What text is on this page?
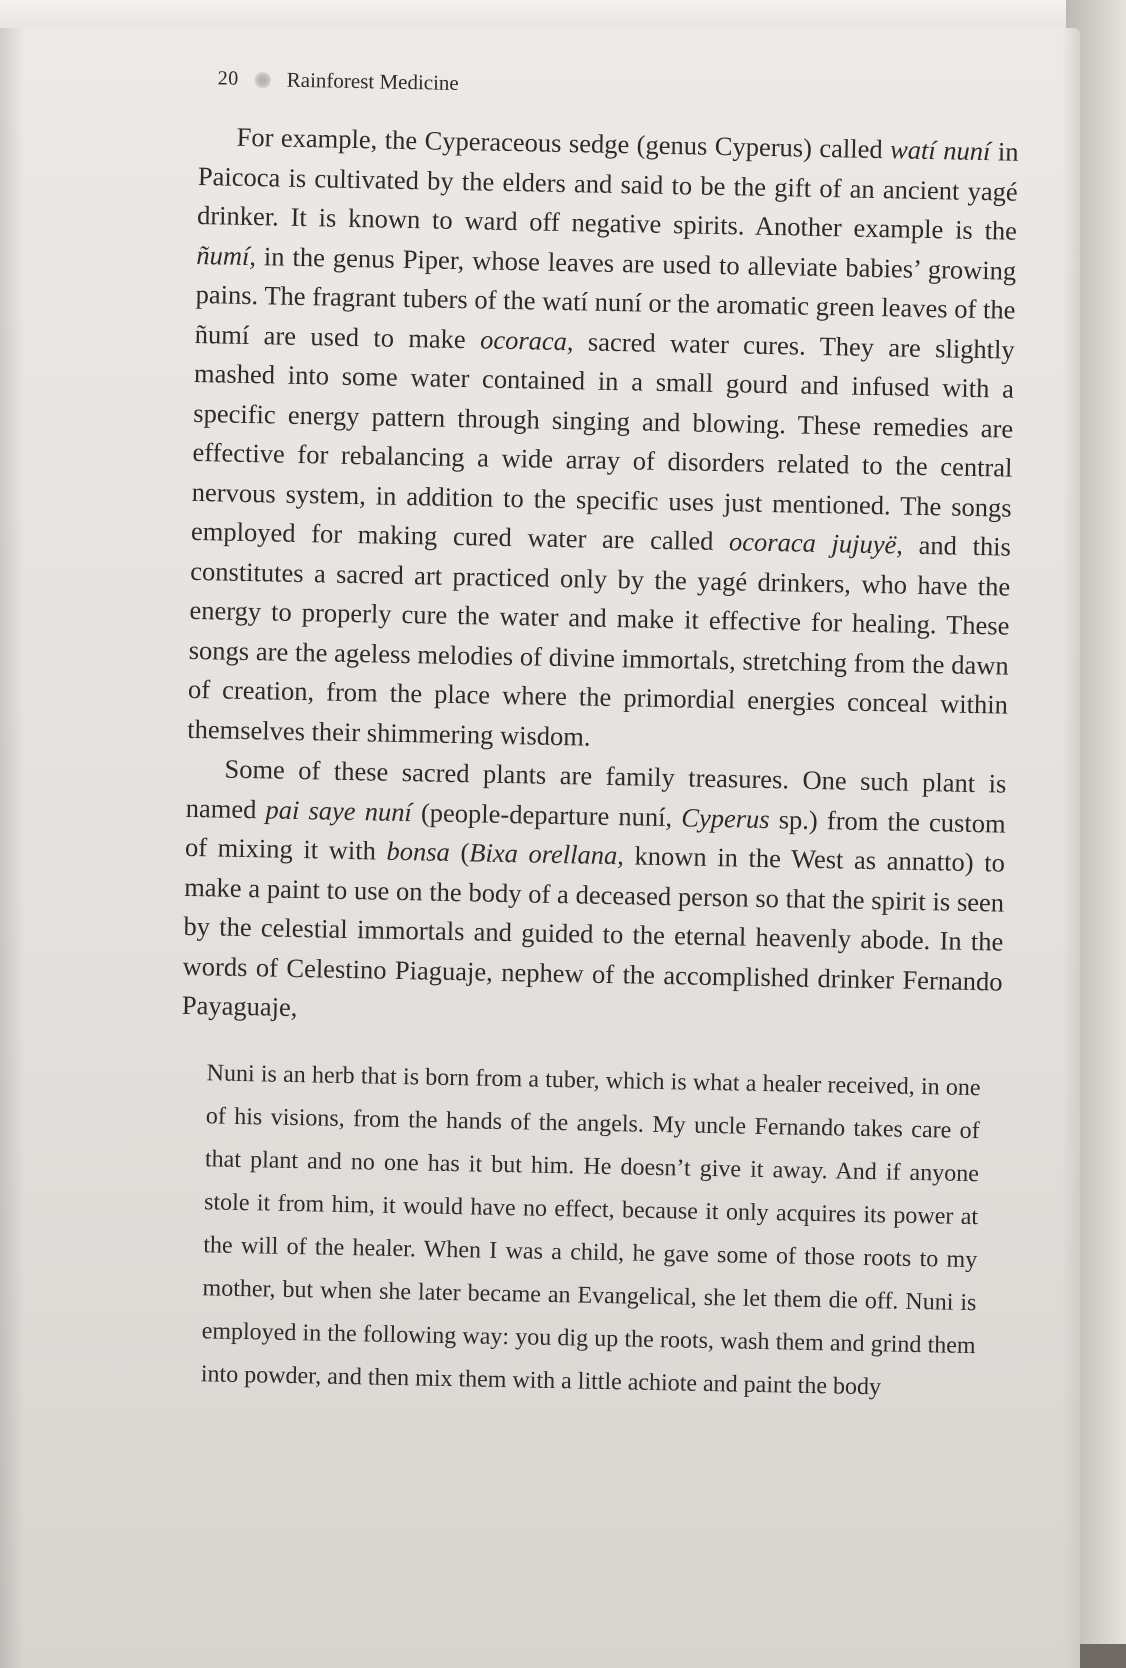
20 Rainforest Medicine

For example, the Cyperaceous sedge (genus Cyperus) called watí nuní in Paicoca is cultivated by the elders and said to be the gift of an ancient yagé drinker. It is known to ward off negative spirits. Another example is the ñumí, in the genus Piper, whose leaves are used to alleviate babies’ growing pains. The fragrant tubers of the watí nuní or the aromatic green leaves of the ñumí are used to make ocoraca, sacred water cures. They are slightly mashed into some water contained in a small gourd and infused with a specific energy pattern through singing and blowing. These remedies are effective for rebalancing a wide array of disorders related to the central nervous system, in addition to the specific uses just mentioned. The songs employed for making cured water are called ocoraca jujuyë, and this constitutes a sacred art practiced only by the yagé drinkers, who have the energy to properly cure the water and make it effective for healing. These songs are the ageless melodies of divine immortals, stretching from the dawn of creation, from the place where the primordial energies conceal within themselves their shimmering wisdom.

Some of these sacred plants are family treasures. One such plant is named pai saye nuní (people-departure nuní, Cyperus sp.) from the custom of mixing it with bonsa (Bixa orellana, known in the West as annatto) to make a paint to use on the body of a deceased person so that the spirit is seen by the celestial immortals and guided to the eternal heavenly abode. In the words of Celestino Piaguaje, nephew of the accomplished drinker Fernando Payaguaje,

Nuni is an herb that is born from a tuber, which is what a healer received, in one of his visions, from the hands of the angels. My uncle Fernando takes care of that plant and no one has it but him. He doesn’t give it away. And if anyone stole it from him, it would have no effect, because it only acquires its power at the will of the healer. When I was a child, he gave some of those roots to my mother, but when she later became an Evangelical, she let them die off. Nuni is employed in the following way: you dig up the roots, wash them and grind them into powder, and then mix them with a little achiote and paint the body
